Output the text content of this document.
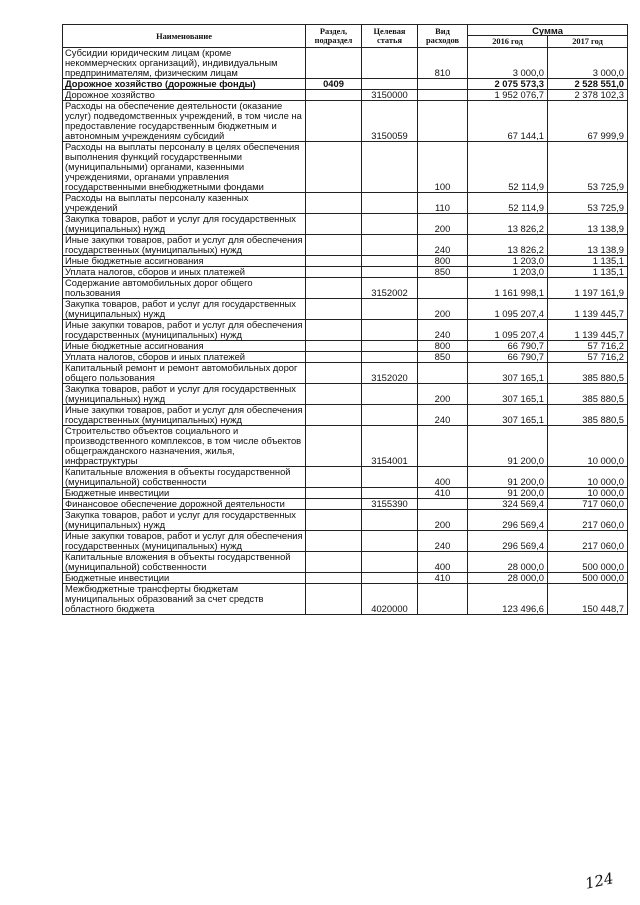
Наименование	Раздел, подраздел	Целевая статья	Вид расходов	Сумма	
				2016 год	2017 год
Субсидии юридическим лицам (кроме некоммерческих организаций), индивидуальным предпринимателям, физическим лицам			810	3 000,0	3 000,0
Дорожное хозяйство (дорожные фонды)	0409			2 075 573,3	2 528 551,0
Дорожное хозяйство		3150000		1 952 076,7	2 378 102,3
Расходы на обеспечение деятельности (оказание услуг) подведомственных учреждений, в том числе на предоставление государственным бюджетным и автономным учреждениям субсидий		3150059		67 144,1	67 999,9
Расходы на выплаты персоналу в целях обеспечения выполнения функций государственными (муниципальными) органами, казенными учреждениями, органами управления государственными внебюджетными фондами			100	52 114,9	53 725,9
Расходы на выплаты персоналу казенных учреждений			110	52 114,9	53 725,9
Закупка товаров, работ и услуг для государственных (муниципальных) нужд			200	13 826,2	13 138,9
Иные закупки товаров, работ и услуг для обеспечения государственных (муниципальных) нужд			240	13 826,2	13 138,9
Иные бюджетные ассигнования			800	1 203,0	1 135,1
Уплата налогов, сборов и иных платежей			850	1 203,0	1 135,1
Содержание автомобильных дорог общего пользования		3152002		1 161 998,1	1 197 161,9
Закупка товаров, работ и услуг для государственных (муниципальных) нужд			200	1 095 207,4	1 139 445,7
Иные закупки товаров, работ и услуг для обеспечения государственных (муниципальных) нужд			240	1 095 207,4	1 139 445,7
Иные бюджетные ассигнования			800	66 790,7	57 716,2
Уплата налогов, сборов и иных платежей			850	66 790,7	57 716,2
Капитальный ремонт и ремонт автомобильных дорог общего пользования		3152020		307 165,1	385 880,5
Закупка товаров, работ и услуг для государственных (муниципальных) нужд			200	307 165,1	385 880,5
Иные закупки товаров, работ и услуг для обеспечения государственных (муниципальных) нужд			240	307 165,1	385 880,5
Строительство объектов социального и производственного комплексов, в том числе объектов общегражданского назначения, жилья, инфраструктуры		3154001		91 200,0	10 000,0
Капитальные вложения в объекты государственной (муниципальной) собственности			400	91 200,0	10 000,0
Бюджетные инвестиции			410	91 200,0	10 000,0
Финансовое обеспечение дорожной деятельности		3155390		324 569,4	717 060,0
Закупка товаров, работ и услуг для государственных (муниципальных) нужд			200	296 569,4	217 060,0
Иные закупки товаров, работ и услуг для обеспечения государственных (муниципальных) нужд			240	296 569,4	217 060,0
Капитальные вложения в объекты государственной (муниципальной) собственности			400	28 000,0	500 000,0
Бюджетные инвестиции			410	28 000,0	500 000,0
Межбюджетные трансферты бюджетам муниципальных образований за счет средств областного бюджета		4020000		123 496,6	150 448,7
124
